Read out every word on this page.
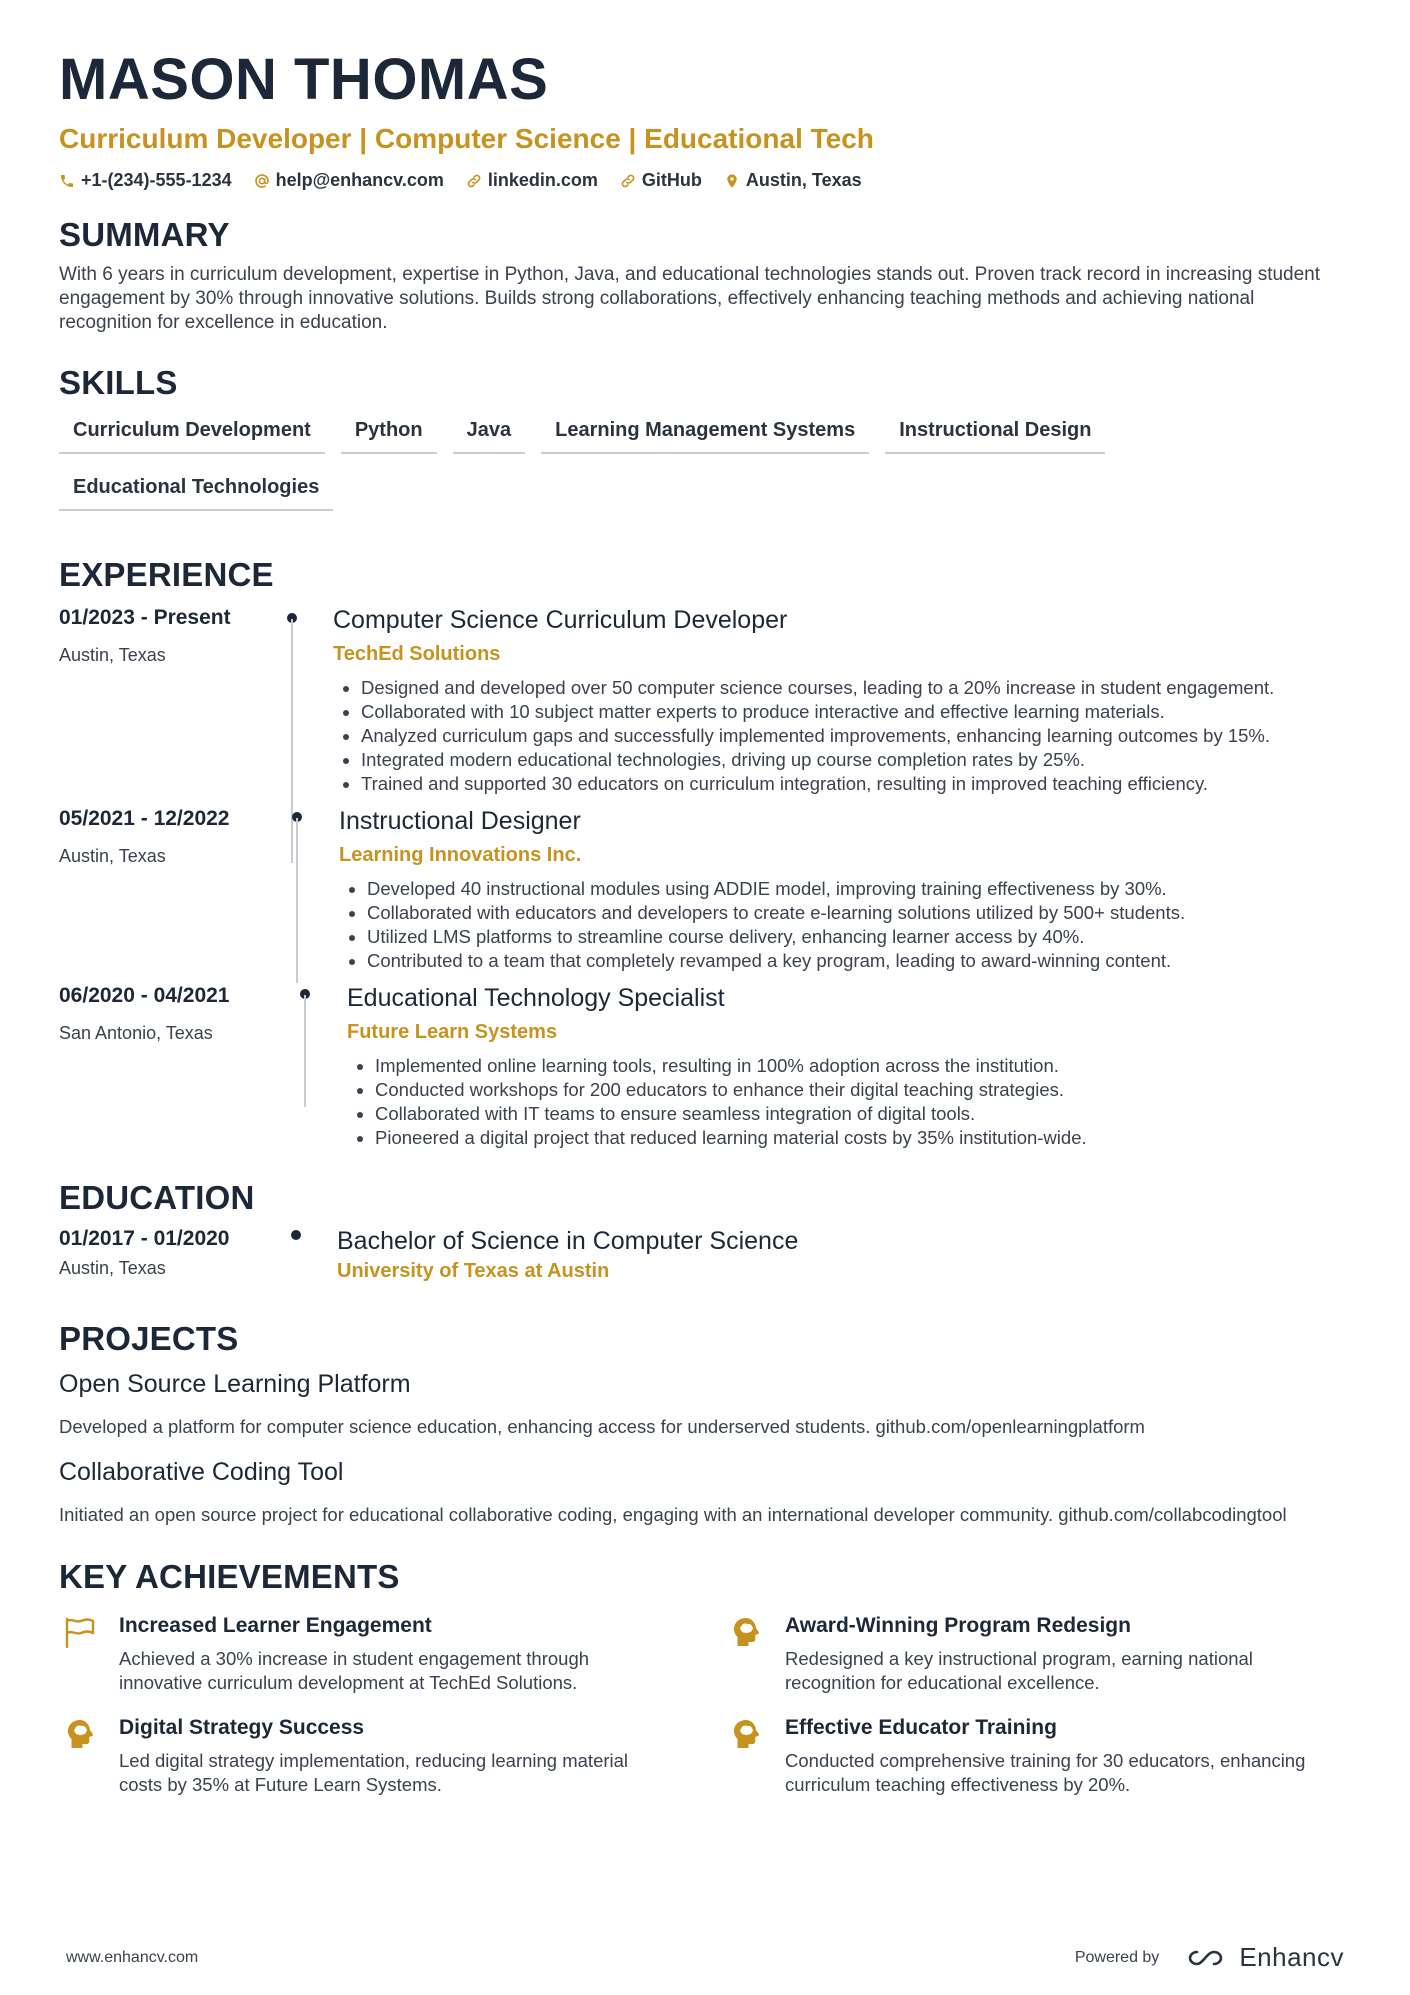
MASON THOMAS
Curriculum Developer | Computer Science | Educational Tech
+1-(234)-555-1234 help@enhancv.com linkedin.com GitHub Austin, Texas
SUMMARY

With 6 years in curriculum development, expertise in Python, Java, and educational technologies stands out. Proven track record in increasing student engagement by 30% through innovative solutions. Builds strong collaborations, effectively enhancing teaching methods and achieving national recognition for excellence in education.

SKILLS
Curriculum Development	Python	Java	Learning Management Systems	Instructional Design
Educational Technologies
EXPERIENCE
01/2023 - Present
Austin, Texas
Computer Science Curriculum Developer
TechEd Solutions
• Designed and developed over 50 computer science courses, leading to a 20% increase in student engagement.
• Collaborated with 10 subject matter experts to produce interactive and effective learning materials.
• Analyzed curriculum gaps and successfully implemented improvements, enhancing learning outcomes by 15%.
• Integrated modern educational technologies, driving up course completion rates by 25%.
• Trained and supported 30 educators on curriculum integration, resulting in improved teaching efficiency.
05/2021 - 12/2022
Austin, Texas
Instructional Designer
Learning Innovations Inc.
• Developed 40 instructional modules using ADDIE model, improving training effectiveness by 30%.
• Collaborated with educators and developers to create e-learning solutions utilized by 500+ students.
• Utilized LMS platforms to streamline course delivery, enhancing learner access by 40%.
• Contributed to a team that completely revamped a key program, leading to award-winning content.
06/2020 - 04/2021
San Antonio, Texas
Educational Technology Specialist
Future Learn Systems
• Implemented online learning tools, resulting in 100% adoption across the institution.
• Conducted workshops for 200 educators to enhance their digital teaching strategies.
• Collaborated with IT teams to ensure seamless integration of digital tools.
• Pioneered a digital project that reduced learning material costs by 35% institution-wide.
EDUCATION
01/2017 - 01/2020
Austin, Texas
Bachelor of Science in Computer Science
University of Texas at Austin
PROJECTS
Open Source Learning Platform
Developed a platform for computer science education, enhancing access for underserved students. github.com/openlearningplatform
Collaborative Coding Tool
Initiated an open source project for educational collaborative coding, engaging with an international developer community. github.com/collabcodingtool
KEY ACHIEVEMENTS
Increased Learner Engagement
Achieved a 30% increase in student engagement through innovative curriculum development at TechEd Solutions.
Award-Winning Program Redesign
Redesigned a key instructional program, earning national recognition for educational excellence.
Digital Strategy Success
Led digital strategy implementation, reducing learning material costs by 35% at Future Learn Systems.
Effective Educator Training
Conducted comprehensive training for 30 educators, enhancing curriculum teaching effectiveness by 20%.
www.enhancv.com	Powered by	Enhancv
